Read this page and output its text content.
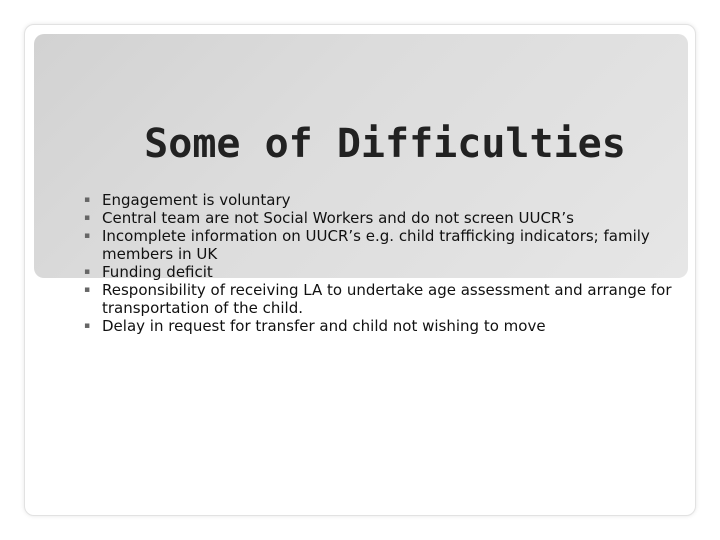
Some of Difficulties
▪ Engagement is voluntary
▪ Central team are not Social Workers and do not screen UUCR’s
▪ Incomplete information on UUCR’s e.g. child trafficking indicators; family members in UK
▪ Funding deficit
▪ Responsibility of receiving LA to undertake age assessment and arrange for transportation of the child.
▪ Delay in request for transfer and child not wishing to move
